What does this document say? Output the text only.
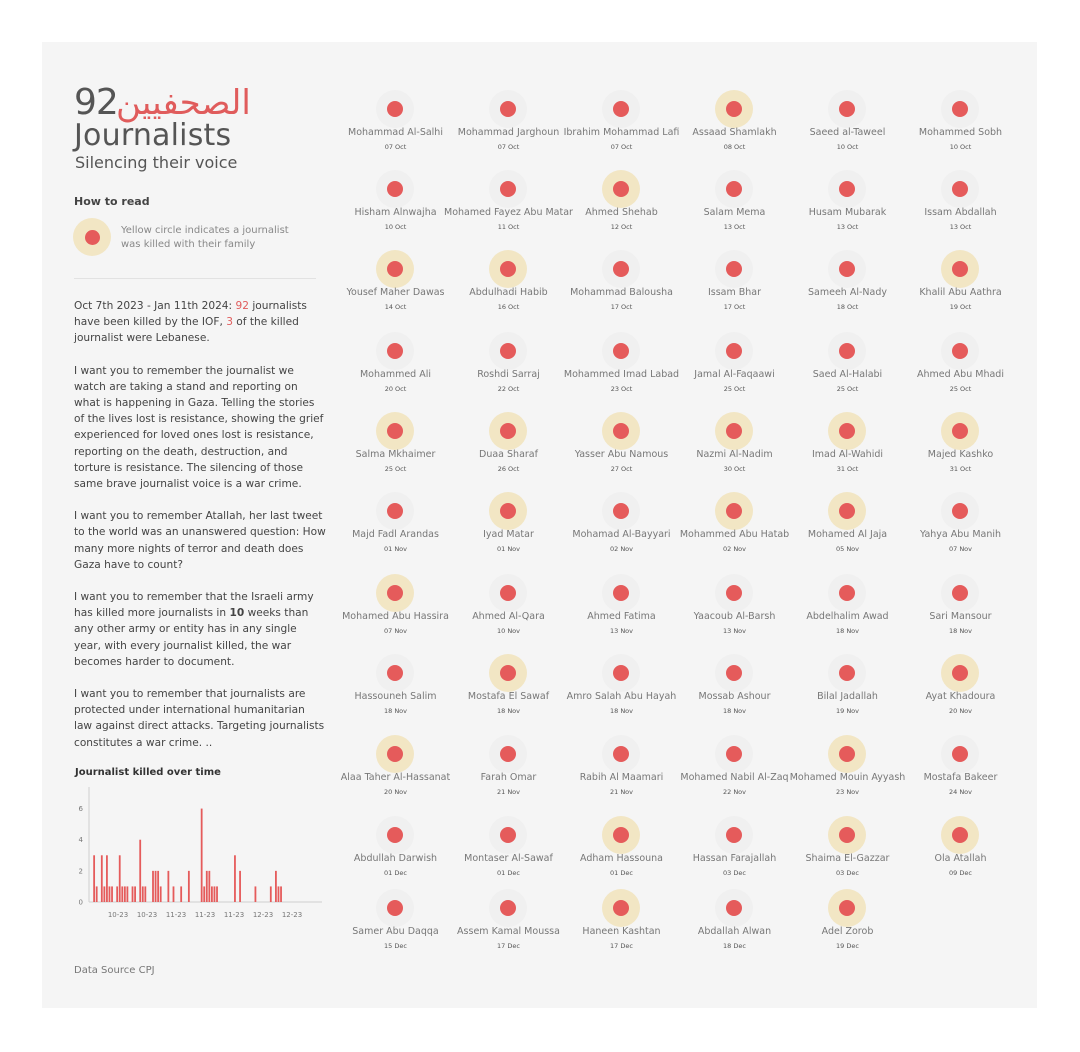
92
الصحفيين
Journalists
Silencing their voice
How to read
Yellow circle indicates a journalist
was killed with their family

Oct 7th 2023 - Jan 11th 2024: 92 journalists have been killed by the IOF, 3 of the killed journalist were Lebanese.

I want you to remember the journalist we watch are taking a stand and reporting on what is happening in Gaza. Telling the stories of the lives lost is resistance, showing the grief experienced for loved ones lost is resistance, reporting on the death, destruction, and torture is resistance. The silencing of those same brave journalist voice is a war crime.

I want you to remember Atallah, her last tweet to the world was an unanswered question: How many more nights of terror and death does Gaza have to count?

I want you to remember that the Israeli army has killed more journalists in 10 weeks than any other army or entity has in any single year, with every journalist killed, the war becomes harder to document.

I want you to remember that journalists are protected under international humanitarian law against direct attacks. Targeting journalists constitutes a war crime. ..

Journalist killed over time
0
2
4
6
10-23 10-23 11-23 11-23 11-23 12-23 12-23
Data Source CPJ
Mohammad Al-Salhi
07 Oct
Mohammad Jarghoun
07 Oct
Ibrahim Mohammad Lafi
07 Oct
Assaad Shamlakh
08 Oct
Saeed al-Taweel
10 Oct
Mohammed Sobh
10 Oct
Hisham Alnwajha
10 Oct
Mohamed Fayez Abu Matar
11 Oct
Ahmed Shehab
12 Oct
Salam Mema
13 Oct
Husam Mubarak
13 Oct
Issam Abdallah
13 Oct
Yousef Maher Dawas
14 Oct
Abdulhadi Habib
16 Oct
Mohammad Balousha
17 Oct
Issam Bhar
17 Oct
Sameeh Al-Nady
18 Oct
Khalil Abu Aathra
19 Oct
Mohammed Ali
20 Oct
Roshdi Sarraj
22 Oct
Mohammed Imad Labad
23 Oct
Jamal Al-Faqaawi
25 Oct
Saed Al-Halabi
25 Oct
Ahmed Abu Mhadi
25 Oct
Salma Mkhaimer
25 Oct
Duaa Sharaf
26 Oct
Yasser Abu Namous
27 Oct
Nazmi Al-Nadim
30 Oct
Imad Al-Wahidi
31 Oct
Majed Kashko
31 Oct
Majd Fadl Arandas
01 Nov
Iyad Matar
01 Nov
Mohamad Al-Bayyari
02 Nov
Mohammed Abu Hatab
02 Nov
Mohamed Al Jaja
05 Nov
Yahya Abu Manih
07 Nov
Mohamed Abu Hassira
07 Nov
Ahmed Al-Qara
10 Nov
Ahmed Fatima
13 Nov
Yaacoub Al-Barsh
13 Nov
Abdelhalim Awad
18 Nov
Sari Mansour
18 Nov
Hassouneh Salim
18 Nov
Mostafa El Sawaf
18 Nov
Amro Salah Abu Hayah
18 Nov
Mossab Ashour
18 Nov
Bilal Jadallah
19 Nov
Ayat Khadoura
20 Nov
Alaa Taher Al-Hassanat
20 Nov
Farah Omar
21 Nov
Rabih Al Maamari
21 Nov
Mohamed Nabil Al-Zaq
22 Nov
Mohamed Mouin Ayyash
23 Nov
Mostafa Bakeer
24 Nov
Abdullah Darwish
01 Dec
Montaser Al-Sawaf
01 Dec
Adham Hassouna
01 Dec
Hassan Farajallah
03 Dec
Shaima El-Gazzar
03 Dec
Ola Atallah
09 Dec
Samer Abu Daqqa
15 Dec
Assem Kamal Moussa
17 Dec
Haneen Kashtan
17 Dec
Abdallah Alwan
18 Dec
Adel Zorob
19 Dec
